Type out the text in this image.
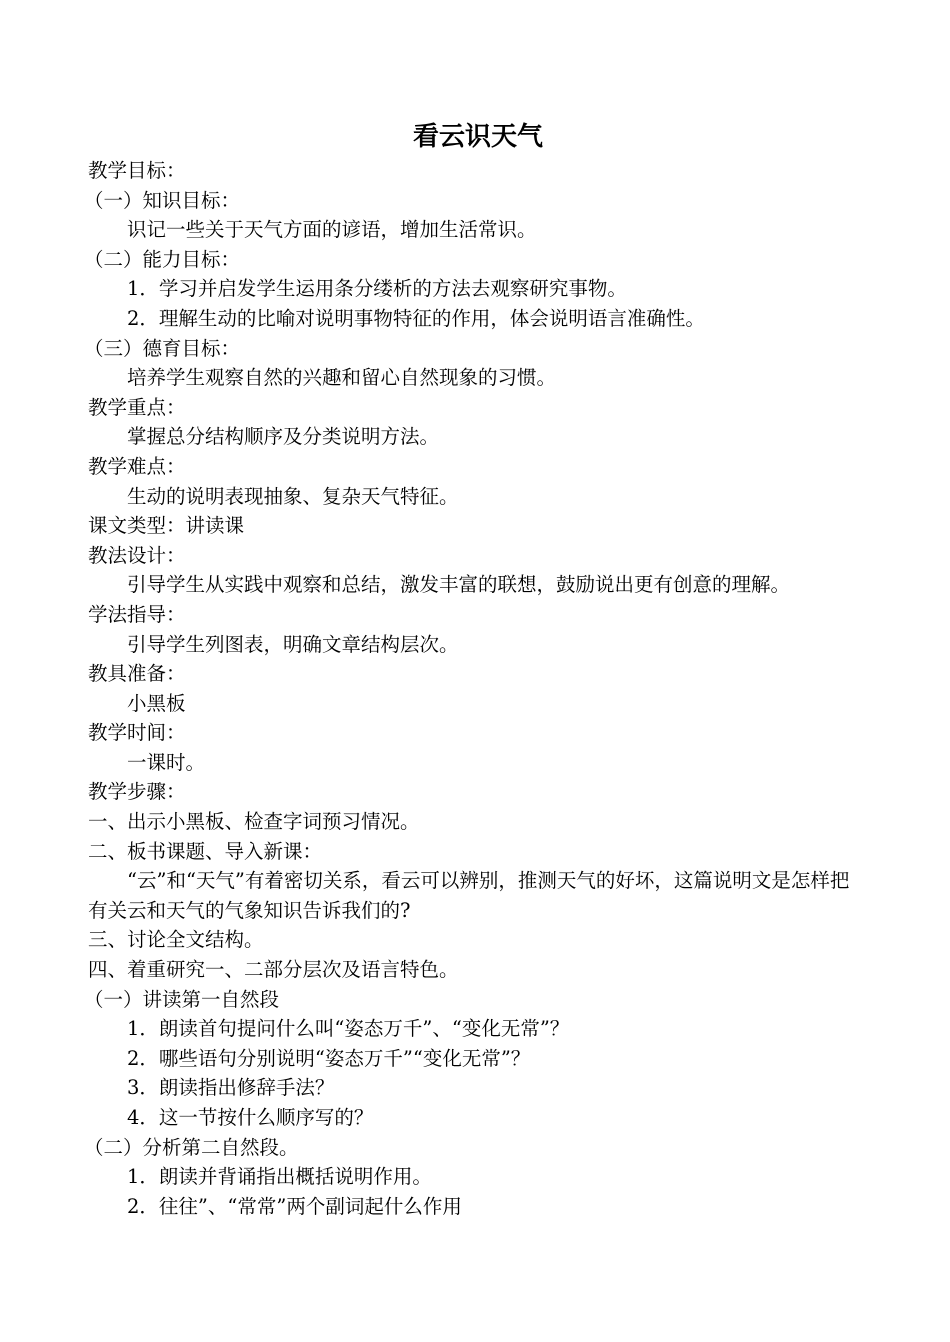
看云识天气
教学目标：
（一）知识目标：
识记一些关于天气方面的谚语，增加生活常识。
（二）能力目标：
1．学习并启发学生运用条分缕析的方法去观察研究事物。
2．理解生动的比喻对说明事物特征的作用，体会说明语言准确性。
（三）德育目标：
培养学生观察自然的兴趣和留心自然现象的习惯。
教学重点：
掌握总分结构顺序及分类说明方法。
教学难点：
生动的说明表现抽象、复杂天气特征。
课文类型：讲读课
教法设计：
引导学生从实践中观察和总结，激发丰富的联想，鼓励说出更有创意的理解。
学法指导：
引导学生列图表，明确文章结构层次。
教具准备：
小黑板
教学时间：
一课时。
教学步骤：
一、出示小黑板、检查字词预习情况。
二、板书课题、导入新课：
“云”和“天气”有着密切关系，看云可以辨别，推测天气的好坏，这篇说明文是怎样把有关云和天气的气象知识告诉我们的?
三、讨论全文结构。
四、着重研究一、二部分层次及语言特色。
（一）讲读第一自然段
1．朗读首句提问什么叫“姿态万千”、“变化无常”？
2．哪些语句分别说明“姿态万千”“变化无常”？
3．朗读指出修辞手法？
4．这一节按什么顺序写的？
（二）分析第二自然段。
1．朗读并背诵指出概括说明作用。
2．往往”、“常常”两个副词起什么作用
